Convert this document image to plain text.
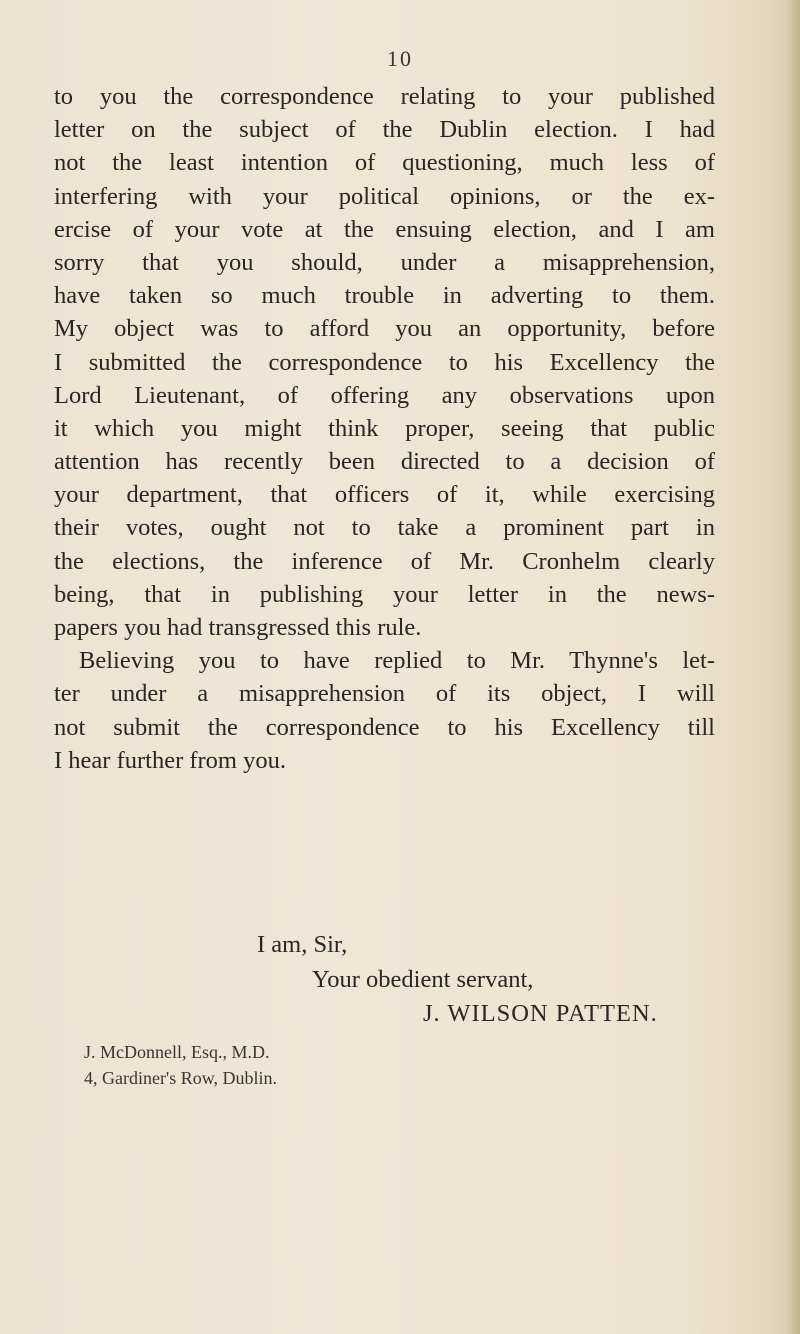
10
to you the correspondence relating to your published
letter on the subject of the Dublin election. I had
not the least intention of questioning, much less of
interfering with your political opinions, or the ex-
ercise of your vote at the ensuing election, and I am
sorry that you should, under a misapprehension,
have taken so much trouble in adverting to them.
My object was to afford you an opportunity, before
I submitted the correspondence to his Excellency the
Lord Lieutenant, of offering any observations upon
it which you might think proper, seeing that public
attention has recently been directed to a decision of
your department, that officers of it, while exercising
their votes, ought not to take a prominent part in
the elections, the inference of Mr. Cronhelm clearly
being, that in publishing your letter in the news-
papers you had transgressed this rule.
Believing you to have replied to Mr. Thynne's let-
ter under a misapprehension of its object, I will
not submit the correspondence to his Excellency till
I hear further from you.
I am, Sir,
Your obedient servant,
J. WILSON PATTEN.
J. McDonnell, Esq., M.D.
4, Gardiner's Row, Dublin.
